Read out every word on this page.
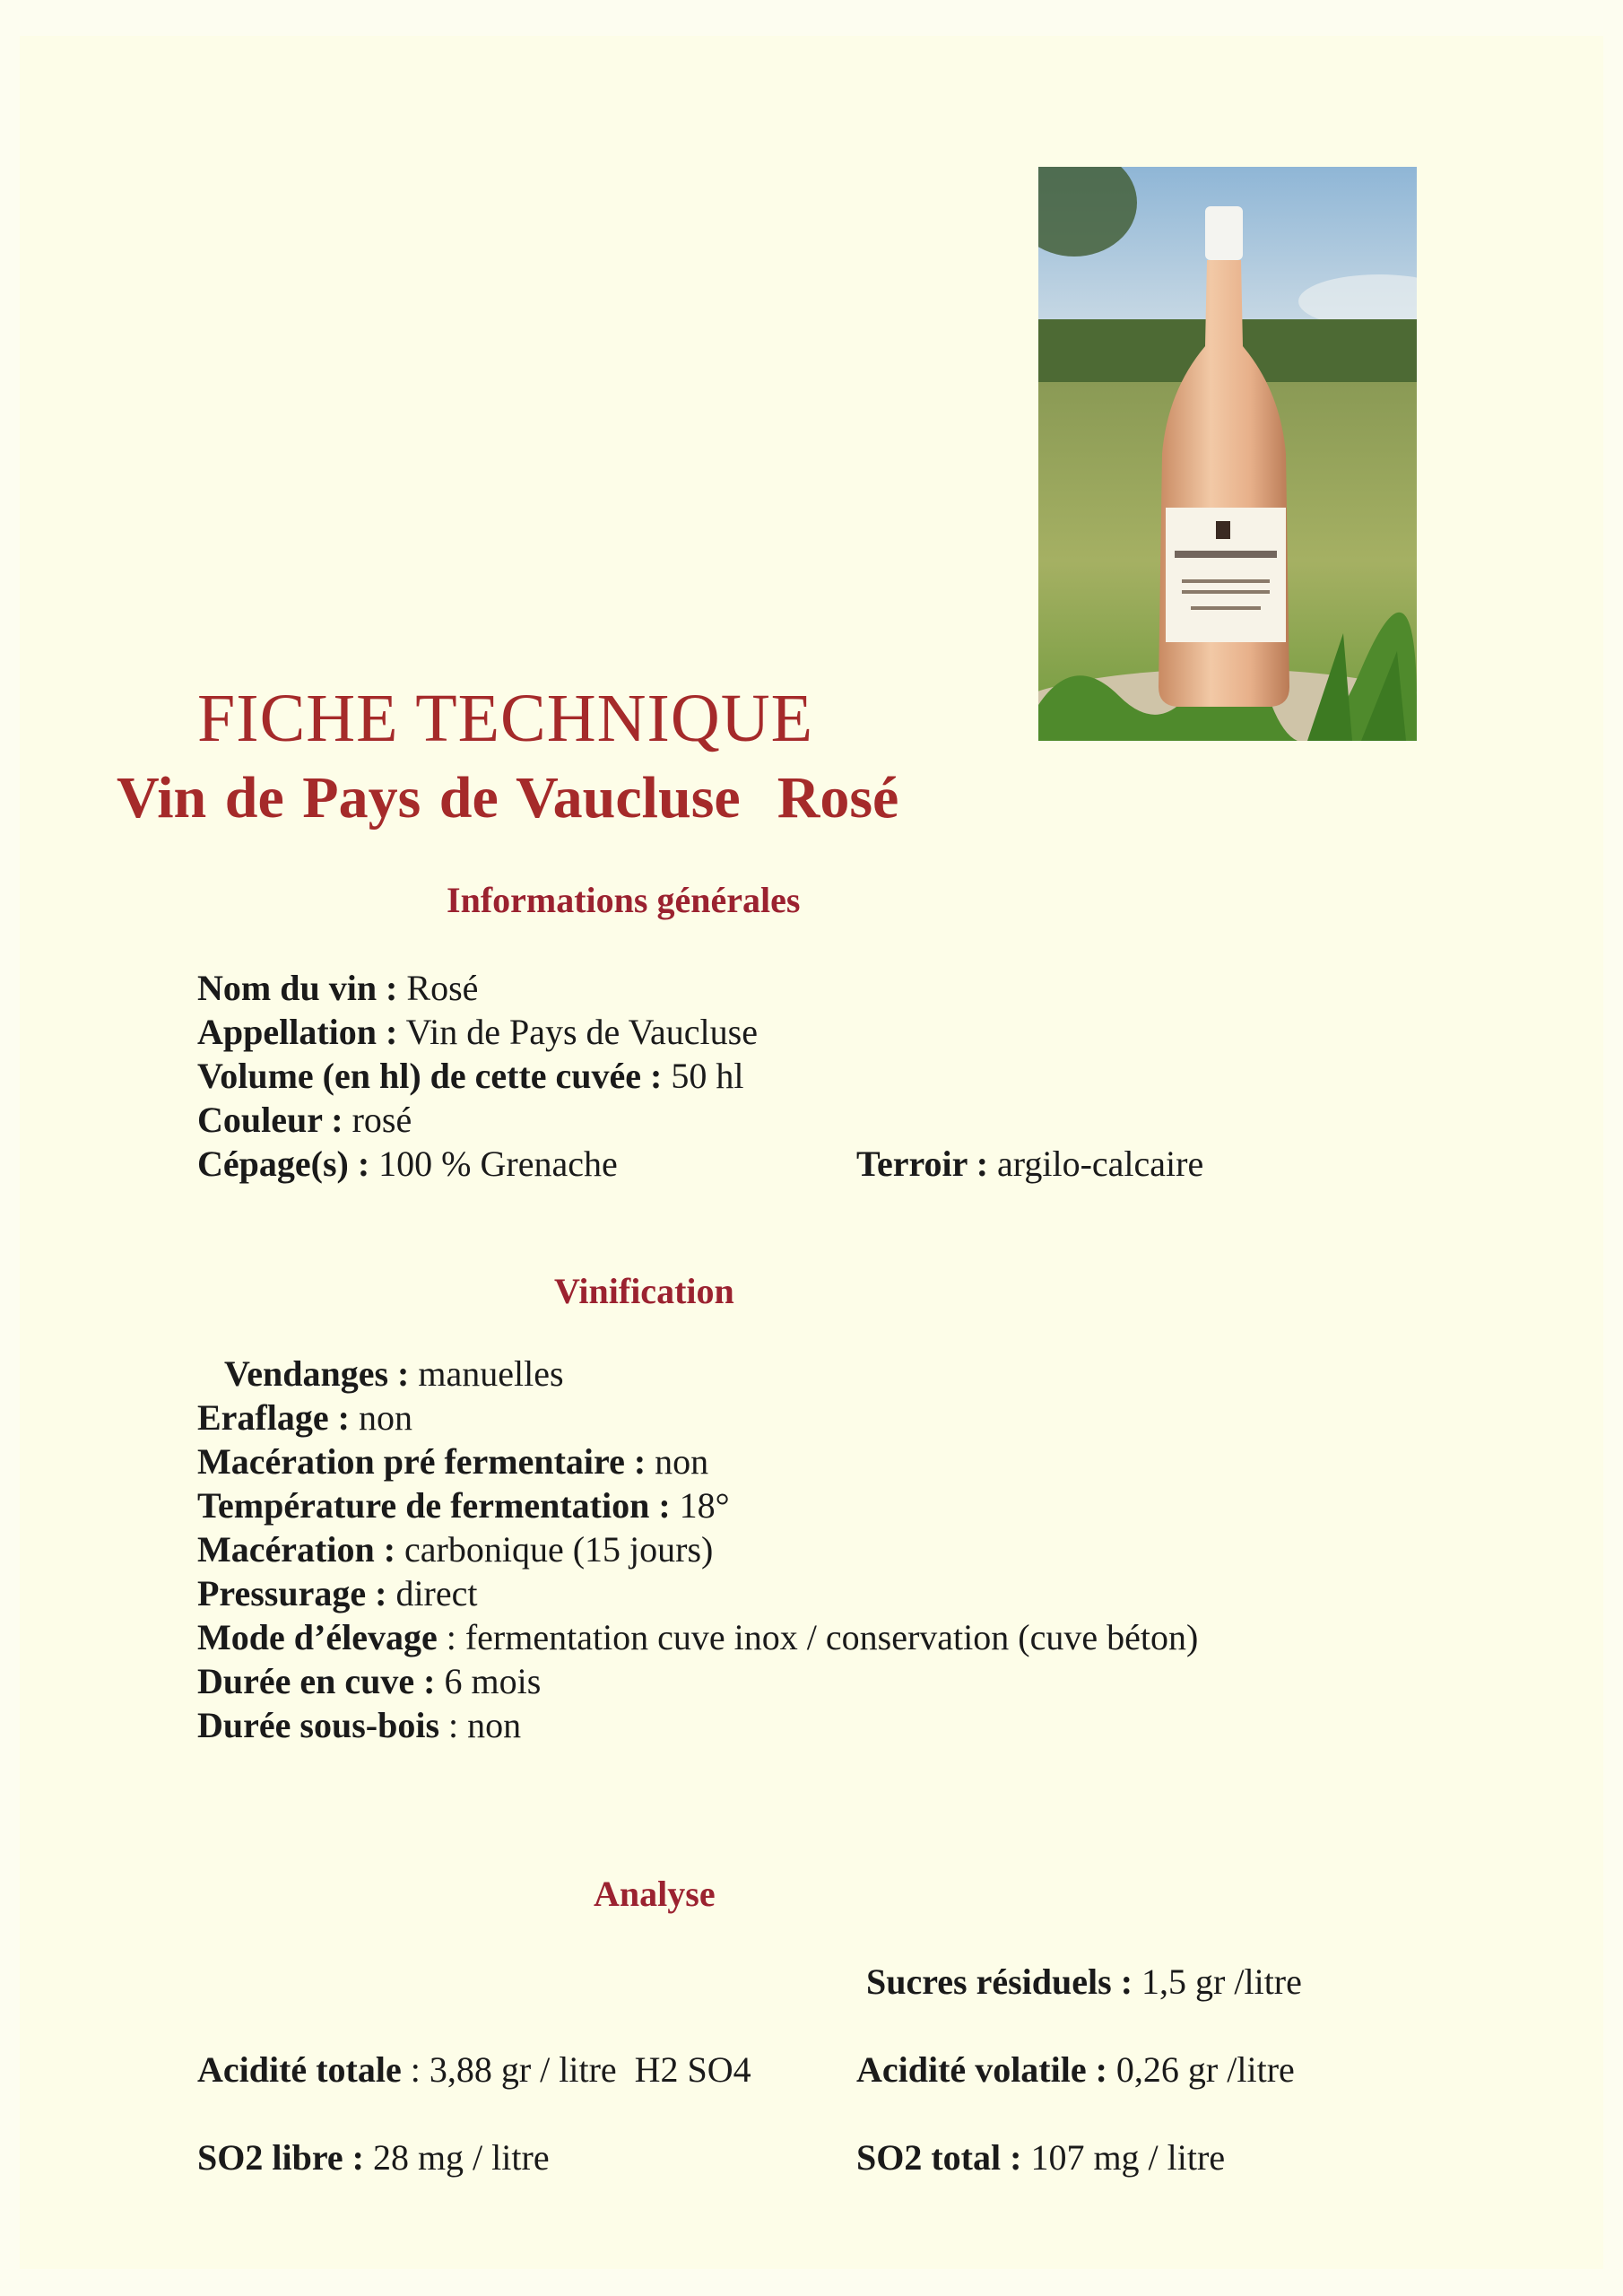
FICHE TECHNIQUE
Vin de Pays de Vaucluse  Rosé
Informations générales
Nom du vin : Rosé
Appellation : Vin de Pays de Vaucluse
Volume (en hl) de cette cuvée : 50 hl
Couleur : rosé
Cépage(s) : 100 % Grenache	Terroir : argilo-calcaire
Vinification
Vendanges : manuelles
Eraflage : non
Macération pré fermentaire : non
Température de fermentation : 18°
Macération : carbonique (15 jours)
Pressurage : direct
Mode d’élevage : fermentation cuve inox / conservation (cuve béton)
Durée en cuve : 6 mois
Durée sous-bois : non
Analyse
Sucres résiduels : 1,5 gr /litre
Acidité totale : 3,88 gr / litre  H2 SO4	Acidité volatile : 0,26 gr /litre
SO2 libre : 28 mg / litre	SO2 total : 107 mg / litre
